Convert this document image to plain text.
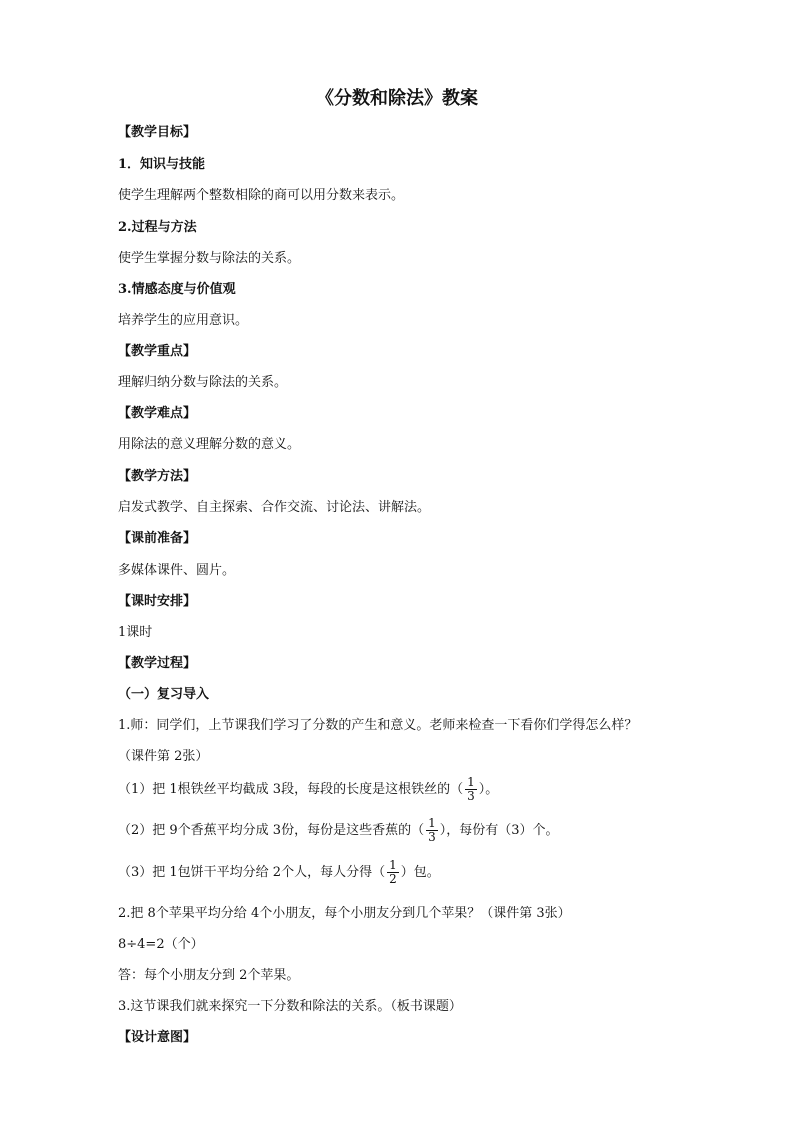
《分数和除法》教案
【教学目标】
1．知识与技能
使学生理解两个整数相除的商可以用分数来表示。
2.过程与方法
使学生掌握分数与除法的关系。
3.情感态度与价值观
培养学生的应用意识。
【教学重点】
理解归纳分数与除法的关系。
【教学难点】
用除法的意义理解分数的意义。
【教学方法】
启发式教学、自主探索、合作交流、讨论法、讲解法。
【课前准备】
多媒体课件、圆片。
【课时安排】
1课时
【教学过程】
（一）复习导入
1.师：同学们，上节课我们学习了分数的产生和意义。老师来检查一下看你们学得怎么样？
（课件第 2张）
（1）把 1根铁丝平均截成 3段，每段的长度是这根铁丝的（ $\frac{1}{3}$ ）。
（2）把 9个香蕉平均分成 3份，每份是这些香蕉的（ $\frac{1}{3}$ ），每份有（3）个。
（3）把 1包饼干平均分给 2个人，每人分得（ $\frac{1}{2}$ ）包。
2.把 8个苹果平均分给 4个小朋友，每个小朋友分到几个苹果？（课件第 3张）
8÷4=2（个）
答：每个小朋友分到 2个苹果。
3.这节课我们就来探究一下分数和除法的关系。（板书课题）
【设计意图】
